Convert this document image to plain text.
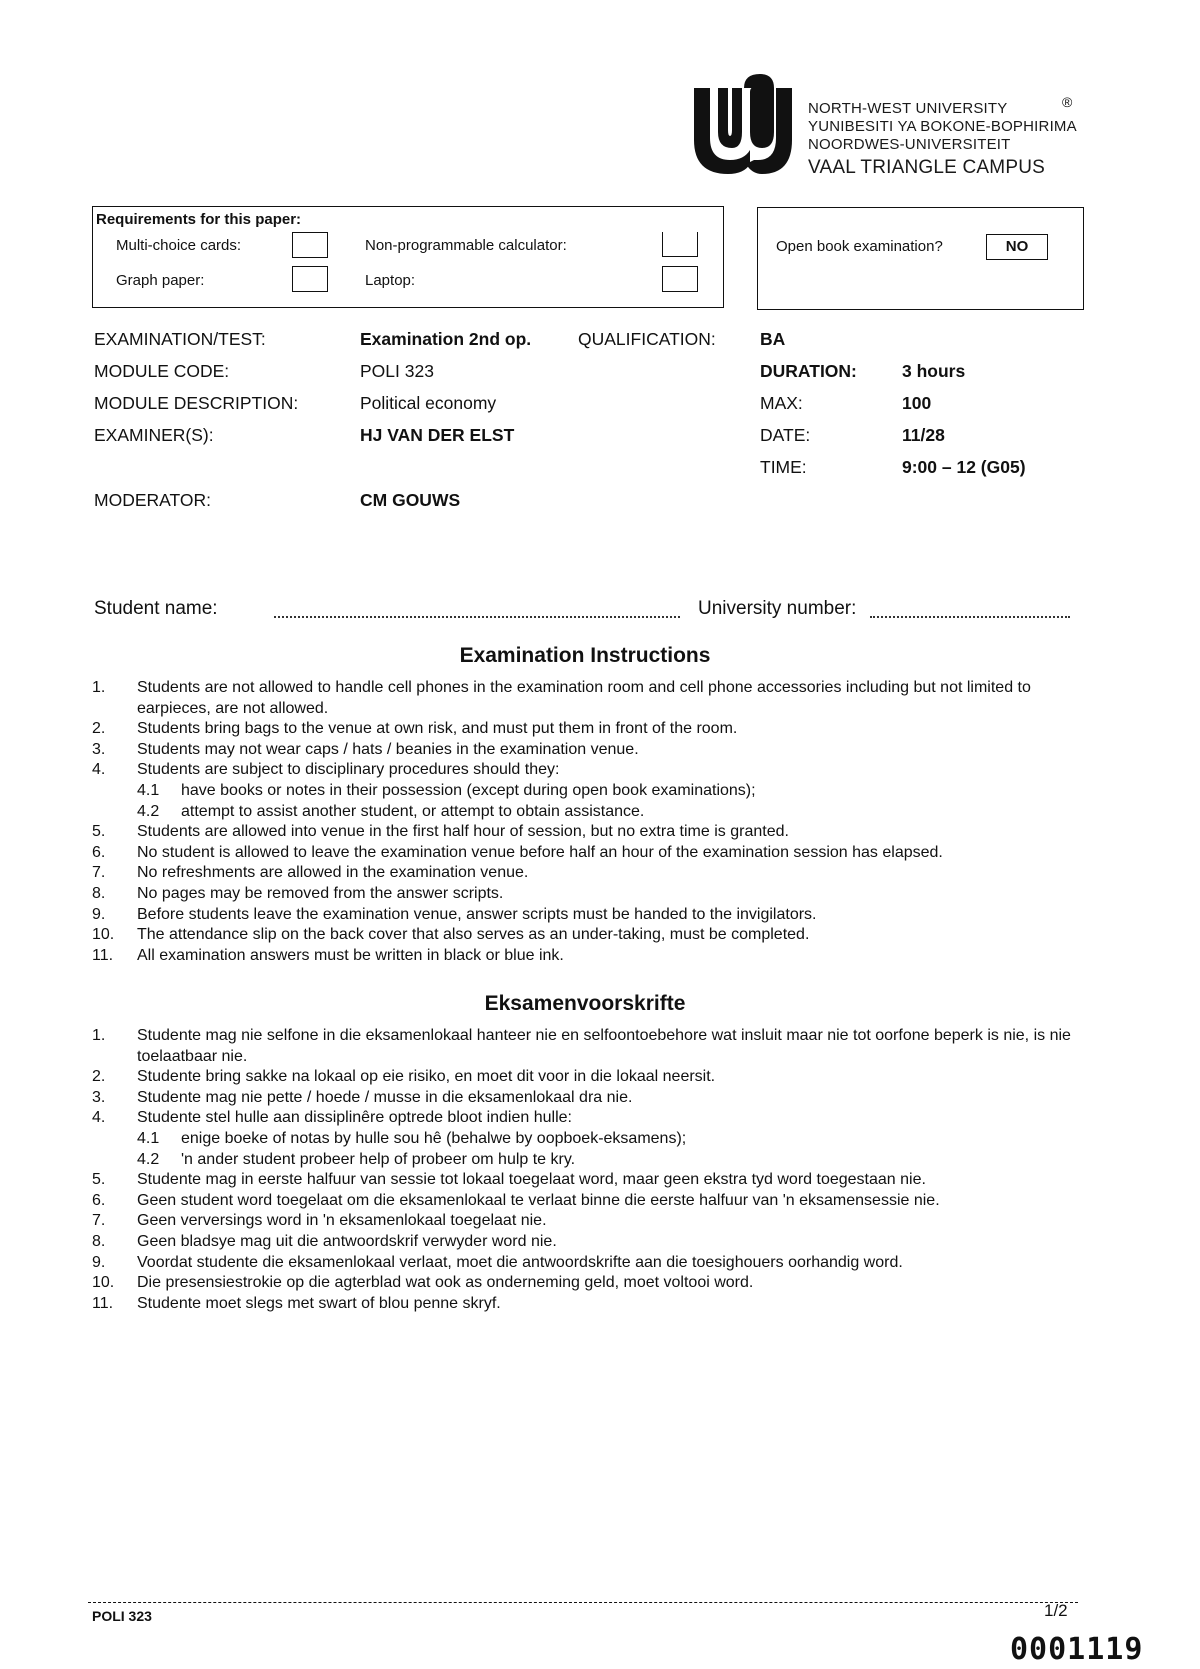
NORTH-WEST UNIVERSITY
YUNIBESITI YA BOKONE-BOPHIRIMA
NOORDWES-UNIVERSITEIT
VAAL TRIANGLE CAMPUS
®
Requirements for this paper:
Multi-choice cards:
Graph paper:
Non-programmable calculator:
Laptop:
Open book examination?	NO
EXAMINATION/TEST:	Examination 2nd op.	QUALIFICATION:	BA
MODULE CODE:	POLI 323	DURATION:	3 hours
MODULE DESCRIPTION:	Political economy	MAX:	100
EXAMINER(S):	HJ VAN DER ELST	DATE:	11/28
TIME:	9:00 – 12 (G05)
MODERATOR:	CM GOUWS
Student name:	University number:
Examination Instructions
1.	Students are not allowed to handle cell phones in the examination room and cell phone accessories including but not limited to earpieces, are not allowed.
2.	Students bring bags to the venue at own risk, and must put them in front of the room.
3.	Students may not wear caps / hats / beanies in the examination venue.
4.	Students are subject to disciplinary procedures should they:
4.1	have books or notes in their possession (except during open book examinations);
4.2	attempt to assist another student, or attempt to obtain assistance.
5.	Students are allowed into venue in the first half hour of session, but no extra time is granted.
6.	No student is allowed to leave the examination venue before half an hour of the examination session has elapsed.
7.	No refreshments are allowed in the examination venue.
8.	No pages may be removed from the answer scripts.
9.	Before students leave the examination venue, answer scripts must be handed to the invigilators.
10.	The attendance slip on the back cover that also serves as an under-taking, must be completed.
11.	All examination answers must be written in black or blue ink.
Eksamenvoorskrifte
1.	Studente mag nie selfone in die eksamenlokaal hanteer nie en selfoontoebehore wat insluit maar nie tot oorfone beperk is nie, is nie toelaatbaar nie.
2.	Studente bring sakke na lokaal op eie risiko, en moet dit voor in die lokaal neersit.
3.	Studente mag nie pette / hoede / musse in die eksamenlokaal dra nie.
4.	Studente stel hulle aan dissiplinêre optrede bloot indien hulle:
4.1	enige boeke of notas by hulle sou hê (behalwe by oopboek-eksamens);
4.2	'n ander student probeer help of probeer om hulp te kry.
5.	Studente mag in eerste halfuur van sessie tot lokaal toegelaat word, maar geen ekstra tyd word toegestaan nie.
6.	Geen student word toegelaat om die eksamenlokaal te verlaat binne die eerste halfuur van 'n eksamensessie nie.
7.	Geen verversings word in 'n eksamenlokaal toegelaat nie.
8.	Geen bladsye mag uit die antwoordskrif verwyder word nie.
9.	Voordat studente die eksamenlokaal verlaat, moet die antwoordskrifte aan die toesighouers oorhandig word.
10.	Die presensiestrokie op die agterblad wat ook as onderneming geld, moet voltooi word.
11.	Studente moet slegs met swart of blou penne skryf.
POLI 323	1/2
0001119
